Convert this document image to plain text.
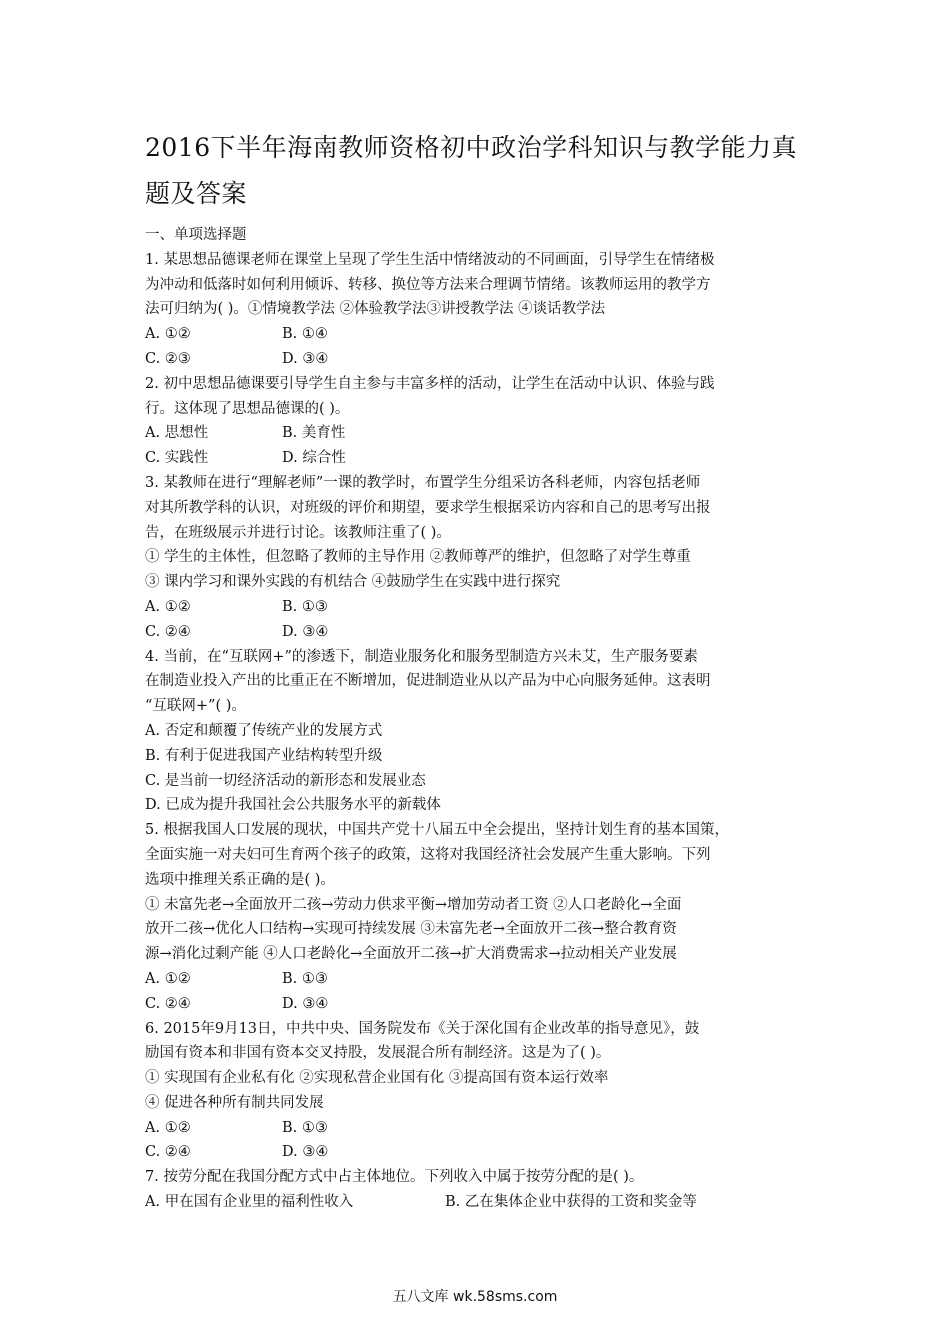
2016下半年海南教师资格初中政治学科知识与教学能力真
题及答案
一、单项选择题
1. 某思想品德课老师在课堂上呈现了学生生活中情绪波动的不同画面，引导学生在情绪极
为冲动和低落时如何利用倾诉、转移、换位等方法来合理调节情绪。该教师运用的教学方
法可归纳为( )。①情境教学法 ②体验教学法③讲授教学法 ④谈话教学法
A. ①②	B. ①④
C. ②③	D. ③④
2. 初中思想品德课要引导学生自主参与丰富多样的活动，让学生在活动中认识、体验与践
行。这体现了思想品德课的( )。
A. 思想性	B. 美育性
C. 实践性	D. 综合性
3. 某教师在进行“理解老师”一课的教学时，布置学生分组采访各科老师，内容包括老师
对其所教学科的认识，对班级的评价和期望，要求学生根据采访内容和自己的思考写出报
告，在班级展示并进行讨论。该教师注重了( )。
① 学生的主体性，但忽略了教师的主导作用 ②教师尊严的维护，但忽略了对学生尊重
③ 课内学习和课外实践的有机结合 ④鼓励学生在实践中进行探究
A. ①②	B. ①③
C. ②④	D. ③④
4. 当前，在“互联网+”的渗透下，制造业服务化和服务型制造方兴未艾，生产服务要素
在制造业投入产出的比重正在不断增加，促进制造业从以产品为中心向服务延伸。这表明
“互联网+”( )。
A. 否定和颠覆了传统产业的发展方式
B. 有利于促进我国产业结构转型升级
C. 是当前一切经济活动的新形态和发展业态
D. 已成为提升我国社会公共服务水平的新载体
5. 根据我国人口发展的现状，中国共产党十八届五中全会提出，坚持计划生育的基本国策，
全面实施一对夫妇可生育两个孩子的政策，这将对我国经济社会发展产生重大影响。下列
选项中推理关系正确的是( )。
① 未富先老→全面放开二孩→劳动力供求平衡→增加劳动者工资 ②人口老龄化→全面
放开二孩→优化人口结构→实现可持续发展 ③未富先老→全面放开二孩→整合教育资
源→消化过剩产能 ④人口老龄化→全面放开二孩→扩大消费需求→拉动相关产业发展
A. ①②	B. ①③
C. ②④	D. ③④
6. 2015年9月13日，中共中央、国务院发布《关于深化国有企业改革的指导意见》，鼓
励国有资本和非国有资本交叉持股，发展混合所有制经济。这是为了( )。
① 实现国有企业私有化 ②实现私营企业国有化 ③提高国有资本运行效率
④ 促进各种所有制共同发展
A. ①②	B. ①③
C. ②④	D. ③④
7. 按劳分配在我国分配方式中占主体地位。下列收入中属于按劳分配的是( )。
A. 甲在国有企业里的福利性收入	B. 乙在集体企业中获得的工资和奖金等
五八文库 wk.58sms.com
